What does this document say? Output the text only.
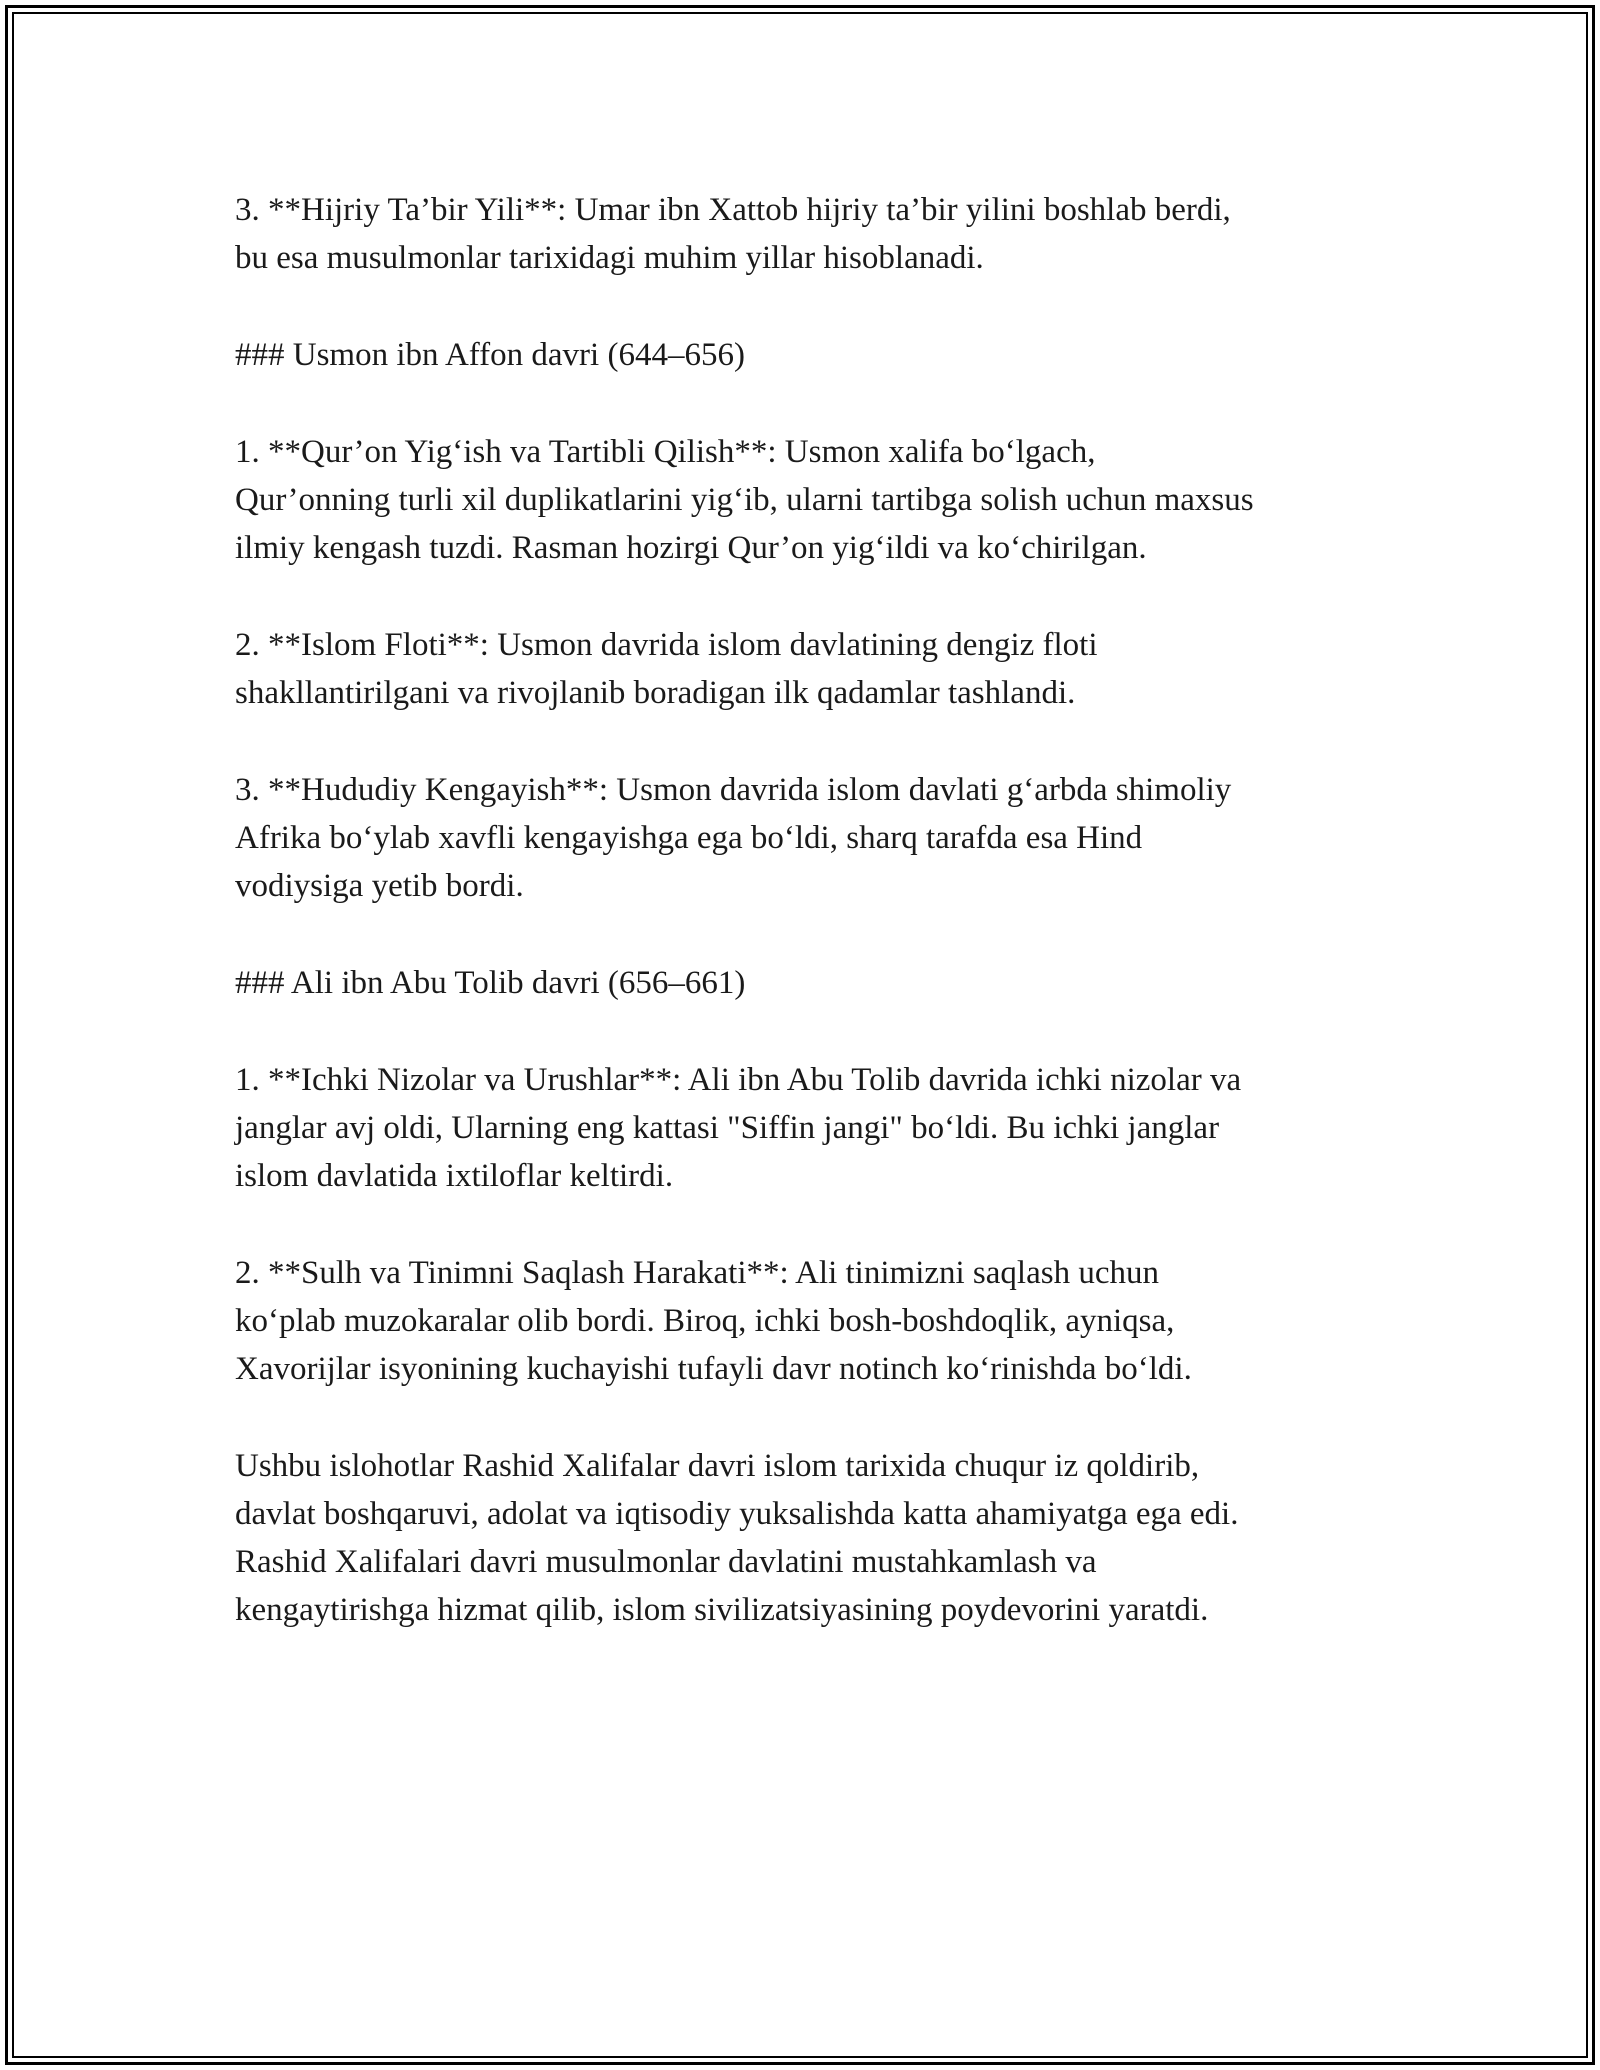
3. **Hijriy Ta’bir Yili**: Umar ibn Xattob hijriy ta’bir yilini boshlab berdi,
bu esa musulmonlar tarixidagi muhim yillar hisoblanadi.

### Usmon ibn Affon davri (644–656)

1. **Qur’on Yig‘ish va Tartibli Qilish**: Usmon xalifa bo‘lgach,
Qur’onning turli xil duplikatlarini yig‘ib, ularni tartibga solish uchun maxsus
ilmiy kengash tuzdi. Rasman hozirgi Qur’on yig‘ildi va ko‘chirilgan.

2. **Islom Floti**: Usmon davrida islom davlatining dengiz floti
shakllantirilgani va rivojlanib boradigan ilk qadamlar tashlandi.

3. **Hududiy Kengayish**: Usmon davrida islom davlati g‘arbda shimoliy
Afrika bo‘ylab xavfli kengayishga ega bo‘ldi, sharq tarafda esa Hind
vodiysiga yetib bordi.

### Ali ibn Abu Tolib davri (656–661)

1. **Ichki Nizolar va Urushlar**: Ali ibn Abu Tolib davrida ichki nizolar va
janglar avj oldi, Ularning eng kattasi "Siffin jangi" bo‘ldi. Bu ichki janglar
islom davlatida ixtiloflar keltirdi.

2. **Sulh va Tinimni Saqlash Harakati**: Ali tinimizni saqlash uchun
ko‘plab muzokaralar olib bordi. Biroq, ichki bosh-boshdoqlik, ayniqsa,
Xavorijlar isyonining kuchayishi tufayli davr notinch ko‘rinishda bo‘ldi.

Ushbu islohotlar Rashid Xalifalar davri islom tarixida chuqur iz qoldirib,
davlat boshqaruvi, adolat va iqtisodiy yuksalishda katta ahamiyatga ega edi.
Rashid Xalifalari davri musulmonlar davlatini mustahkamlash va
kengaytirishga hizmat qilib, islom sivilizatsiyasining poydevorini yaratdi.
